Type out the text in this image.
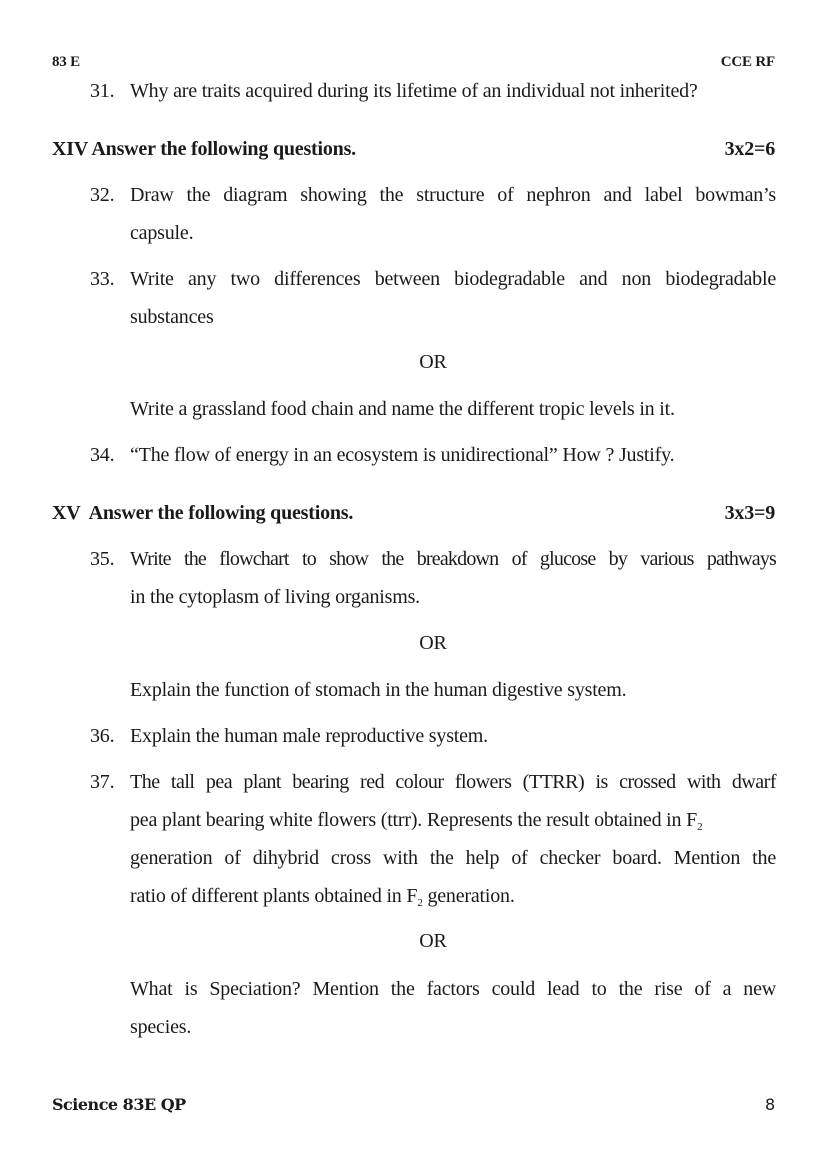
83 E	CCE RF
31. Why are traits acquired during its lifetime of an individual not inherited?
XIV Answer the following questions.	3x2=6
32. Draw the diagram showing the structure of nephron and label bowman’s
capsule.
33. Write any two differences between biodegradable and non biodegradable
substances
OR
Write a grassland food chain and name the different tropic levels in it.
34. “The flow of energy in an ecosystem is unidirectional” How ? Justify.
XV  Answer the following questions.	3x3=9
35. Write the flowchart to show the breakdown of glucose by various pathways
in the cytoplasm of living organisms.
OR
Explain the function of stomach in the human digestive system.
36. Explain the human male reproductive system.
37. The tall pea plant bearing red colour flowers (TTRR) is crossed with dwarf
pea plant bearing white flowers (ttrr). Represents the result obtained in $F_2$
generation of dihybrid cross with the help of checker board. Mention the
ratio of different plants obtained in $F_2$ generation.
OR
What is Speciation? Mention the factors could lead to the rise of a new
species.
Science 83E QP	8
